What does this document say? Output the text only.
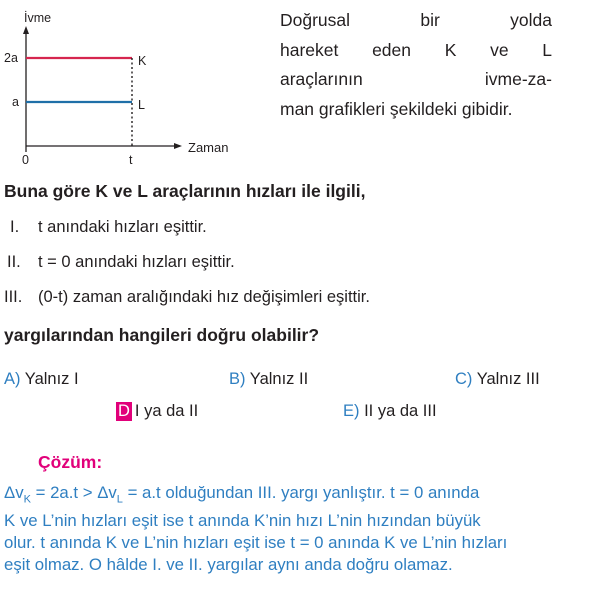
İvme
2a
a
0	t
K
L
Zaman
Doğrusal bir yolda
hareket eden K ve L
araçlarının ivme-za-
man grafikleri şekildeki gibidir.
Buna göre K ve L araçlarının hızları ile ilgili,
I. t anındaki hızları eşittir.
II. t = 0 anındaki hızları eşittir.
III. (0-t) zaman aralığındaki hız değişimleri eşittir.
yargılarından hangileri doğru olabilir?
A) Yalnız I	B) Yalnız II	C) Yalnız III
D I ya da II	E) II ya da III
Çözüm:
$\Delta v_K = 2a.t > \Delta v_L = a.t$ olduğundan III. yargı yanlıştır. t = 0 anında
K ve L’nin hızları eşit ise t anında K’nin hızı L’nin hızından büyük
olur. t anında K ve L’nin hızları eşit ise t = 0 anında K ve L’nin hızları
eşit olmaz. O hâlde I. ve II. yargılar aynı anda doğru olamaz.
